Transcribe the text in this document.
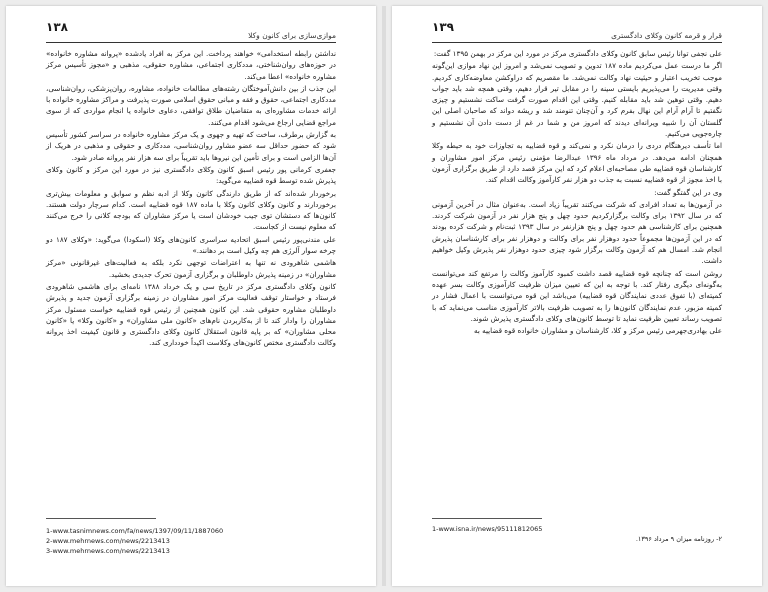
۱۳۸
موازی‌سازی برای کانون وکلا

نداشتن رابطه استخدامی» خواهند پرداخت. این مرکز به افراد یادشده «پروانه مشاوره خانواده» در حوزه‌های روان‌شناختی، مددکاری اجتماعی، مشاوره حقوقی، مذهبی و «مجوز تأسیس مرکز مشاوره خانواده» اعطا می‌کند.

این جذب از بین دانش‌آموختگان رشته‌های مطالعات خانواده، مشاوره، روان‌پزشکی، روان‌شناسی، مددکاری اجتماعی، حقوق و فقه و مبانی حقوق اسلامی صورت پذیرفت و مراکز مشاوره خانواده با ارائه خدمات مشاوره‌ای به متقاضیان طلاق توافقی، دعاوی خانواده یا انجام مواردی که از سوی مراجع قضایی ارجاع می‌شود اقدام می‌کنند.

به گزارش برطرف، ساخت که تهیه و جهوی و یک مرکز مشاوره خانواده در سراسر کشور تأسیس شود که حضور حداقل سه عضو مشاور روان‌شناسی، مددکاری و حقوقی و مذهبی در هریک از آن‌ها الزامی است و برای تأمین این نیروها باید تقریباً برای سه هزار نفر پروانه صادر شود.

جعفری کرمانی پور رئیس اسبق کانون وکلای دادگستری نیز در مورد این مرکز و کانون وکلای پذیرش شده توسط قوه قضاییه می‌گوید:

برخوردار شده‌اند که از طریق دارندگی کانون وکلا از ادبه نظم و سوابق و معلومات بیش‌تری برخوردارند و کانون وکلای کانون وکلا با ماده ۱۸۷ قوه قضاییه است. کدام سرچار دولت هستند. کانون‌ها که دستشان توی جیب خودشان است یا مرکز مشاوران که بودجه کلانی را خرج می‌کنند که معلوم نیست از کجاست.

علی مندنی‌پور رئیس اسبق اتحادیه سراسری کانون‌های وکلا (اسکودا) می‌گوید: «وکلای ۱۸۷ دو چرخه سوار آلرژی هم چه وکیل است بر دهانند.»

هاشمی شاهرودی نه تنها به اعتراضات توجهی نکرد بلکه به فعالیت‌های غیرقانونی «مرکز مشاوران» در زمینه پذیرش داوطلبان و برگزاری آزمون تحرک جدیدی بخشید.

کانون وکلای دادگستری مرکز در تاریخ سی و یک خرداد ۱۳۸۸ نامه‌ای برای هاشمی شاهرودی فرستاد و خواستار توقف فعالیت مرکز امور مشاوران در زمینه برگزاری آزمون جدید و پذیرش داوطلبان مشاوره حقوقی شد. این کانون همچنین از رئیس قوه قضاییه خواست مسئول مرکز مشاوران را وادار کند تا از به‌کاربردن نام‌های «کانون ملی مشاوران» و «کانون وکلا» یا «کانون محلی مشاوران» که بر پایه قانون استقلال کانون وکلای دادگستری و قانون کیفیت اخذ پروانه وکالت دادگستری مختص کانون‌های وکلاست اکیداً خودداری کند.

1-www.tasnimnews.com/fa/news/1397/09/11/1887060
2-www.mehrnews.com/news/2213413
3-www.mehrnews.com/news/2213413
۱۳۹
قرار و قرمه کانون وکلای دادگستری

علی نجفی توانا رئیس سابق کانون وکلای دادگستری مرکز در مورد این مرکز در بهمن ۱۳۹۵ گفت:

اگر ما درست عمل می‌کردیم ماده ۱۸۷ تدوین و تصویب نمی‌شد و امروز این نهاد موازی این‌گونه موجب تخریب اعتبار و حیثیت نهاد وکالت نمی‌شد. ما مقصریم که دراوکشن معاوضه‌کاری کردیم. وقتی مدیریت را می‌پذیریم بایستی سینه را در مقابل تیر قرار دهیم، وقتی همچه شد باید جواب دهیم. وقتی توهین شد باید مقابله کنیم. وقتی این اقدام صورت گرفت ساکت نشستیم و چیزی نگفتیم تا آرام آرام این نهال بفرم کرد و آن‌چنان تنومند شد و ریشه دواند که صاحبان اصلی این گلستان آن را شبیه ویرانه‌ای دیدند که امروز من و شما در غم از دست دادن آن نشستیم و چاره‌جویی می‌کنیم.

اما تأسف دیرهنگام دردی را درمان نکرد و نمی‌کند و قوه قضاییه به تجاوزات خود به حیطه وکلا همچنان ادامه می‌دهد. در مرداد ماه ۱۳۹۶ عبدالرضا مؤمنی رئیس مرکز امور مشاوران و کارشناسان قوه قضاییه طی مصاحبه‌ای اعلام کرد که این مرکز قصد دارد از طریق برگزاری آزمون با اخذ مجوز از قوه قضاییه نسبت به جذب دو هزار نفر کارآموز وکالت اقدام کند.

وی در این گفتگو گفت:

در آزمون‌ها به تعداد افرادی که شرکت می‌کنند تقریباً زیاد است. به‌عنوان مثال در آخرین آزمونی که در سال ۱۳۹۲ برای وکالت برگزارکردیم حدود چهل و پنج هزار نفر در آزمون شرکت کردند. همچنین برای کارشناسی هم حدود چهل و پنج هزارنفر در سال ۱۳۹۳ ثبت‌نام و شرکت کرده بودند که در این آزمون‌ها مجموعاً حدود دوهزار نفر برای وکالت و دوهزار نفر برای کارشناسان پذیرش انجام شد. امسال هم که آزمون وکالت برگزار شود چیزی حدود دوهزار نفر پذیرش وکیل خواهیم داشت.

روشن است که چنانچه قوه قضاییه قصد داشت کمبود کارآموز وکالت را مرتفع کند می‌توانست به‌گونه‌ای دیگری رفتار کند. با توجه به این که تعیین میزان ظرفیت کارآموزی وکالت بسر عهده کمیته‌ای (با تفوق عددی نمایندگان قوه قضاییه) می‌باشد این قوه می‌توانست با اعمال فشار در کمیته مزبور، عدم نمایندگان کانون‌ها را به تصویب ظرفیت بالاتر کارآموزی مناسب می‌نماید که با تصویب رساند تعیین ظرفیت نماید تا توسط کانون‌های وکلای دادگستری پذیرش شوند.

علی بهادری‌جهرمی رئیس مرکز و کلا، کارشناسان و مشاوران خانواده قوه قضاییه به

1-www.isna.ir/news/95111812065
۲- روزنامه میزان ۹ مرداد ۱۳۹۶.
